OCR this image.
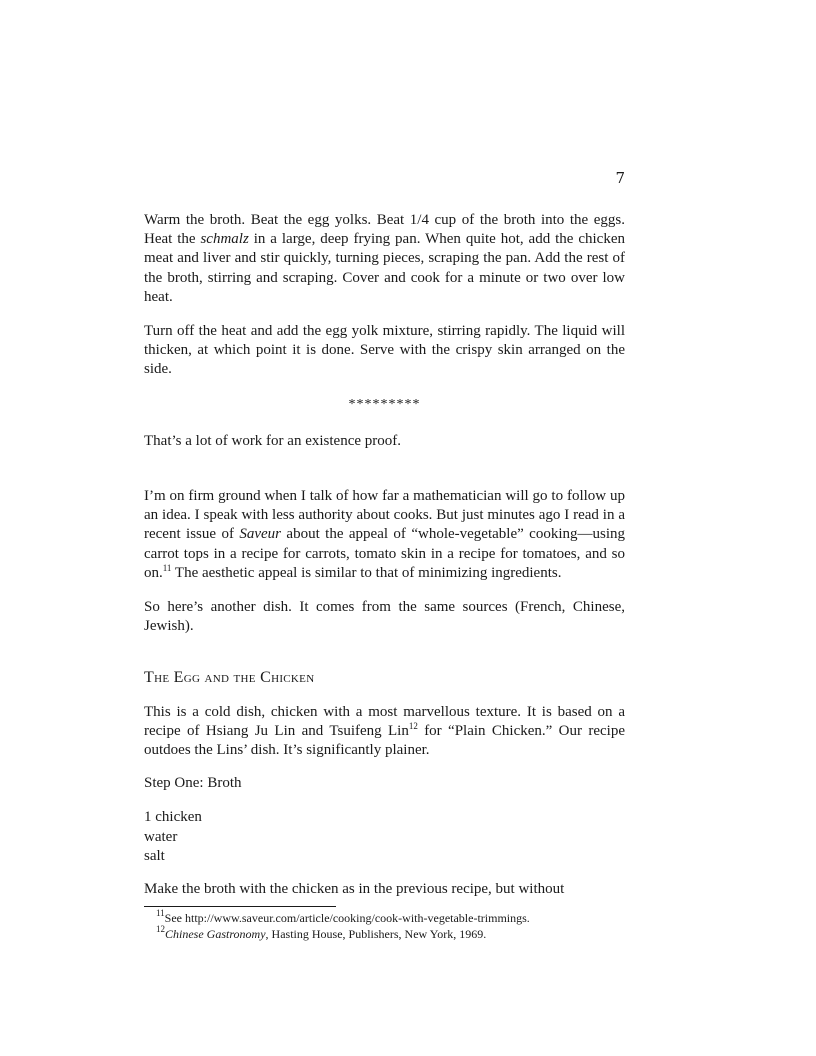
7

Warm the broth. Beat the egg yolks. Beat 1/4 cup of the broth into the eggs. Heat the schmalz in a large, deep frying pan. When quite hot, add the chicken meat and liver and stir quickly, turning pieces, scraping the pan. Add the rest of the broth, stirring and scraping. Cover and cook for a minute or two over low heat.

Turn off the heat and add the egg yolk mixture, stirring rapidly. The liquid will thicken, at which point it is done. Serve with the crispy skin arranged on the side.

*********

That’s a lot of work for an existence proof.

I’m on firm ground when I talk of how far a mathematician will go to follow up an idea. I speak with less authority about cooks. But just minutes ago I read in a recent issue of Saveur about the appeal of “whole-vegetable” cooking—using carrot tops in a recipe for carrots, tomato skin in a recipe for tomatoes, and so on.$^{11}$ The aesthetic appeal is similar to that of minimizing ingredients.

So here’s another dish. It comes from the same sources (French, Chinese, Jewish).

The Egg and the Chicken

This is a cold dish, chicken with a most marvellous texture. It is based on a recipe of Hsiang Ju Lin and Tsuifeng Lin$^{12}$ for “Plain Chicken.” Our recipe outdoes the Lins’ dish. It’s significantly plainer.

Step One: Broth
1 chicken
water
salt

Make the broth with the chicken as in the previous recipe, but without

$^{11}$See http://www.saveur.com/article/cooking/cook-with-vegetable-trimmings.
$^{12}$Chinese Gastronomy, Hasting House, Publishers, New York, 1969.
